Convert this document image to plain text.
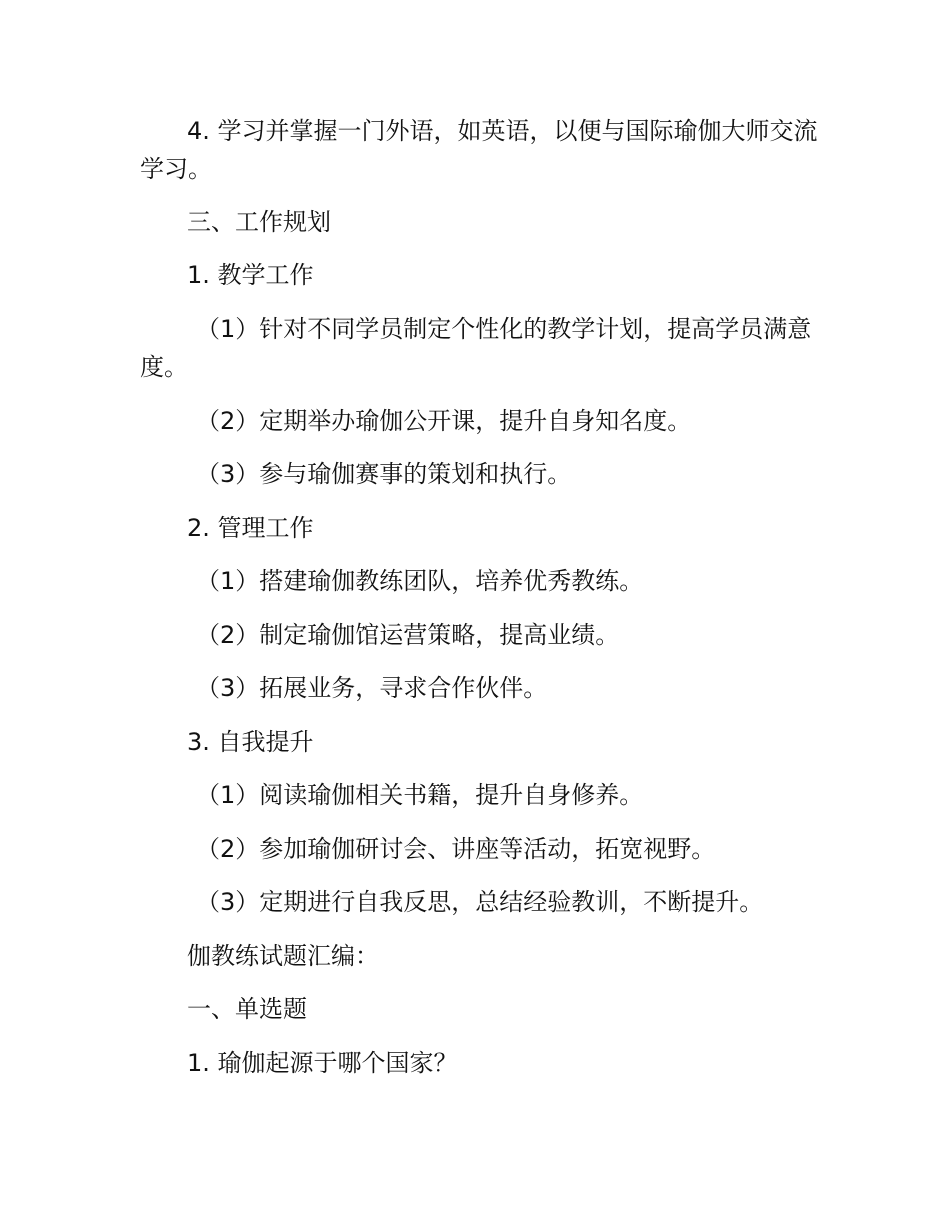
4. 学习并掌握一门外语，如英语，以便与国际瑜伽大师交流学习。
三、工作规划
1. 教学工作
（1）针对不同学员制定个性化的教学计划，提高学员满意度。
（2）定期举办瑜伽公开课，提升自身知名度。
（3）参与瑜伽赛事的策划和执行。
2. 管理工作
（1）搭建瑜伽教练团队，培养优秀教练。
（2）制定瑜伽馆运营策略，提高业绩。
（3）拓展业务，寻求合作伙伴。
3. 自我提升
（1）阅读瑜伽相关书籍，提升自身修养。
（2）参加瑜伽研讨会、讲座等活动，拓宽视野。
（3）定期进行自我反思，总结经验教训，不断提升。
伽教练试题汇编：
一、单选题
1. 瑜伽起源于哪个国家？
